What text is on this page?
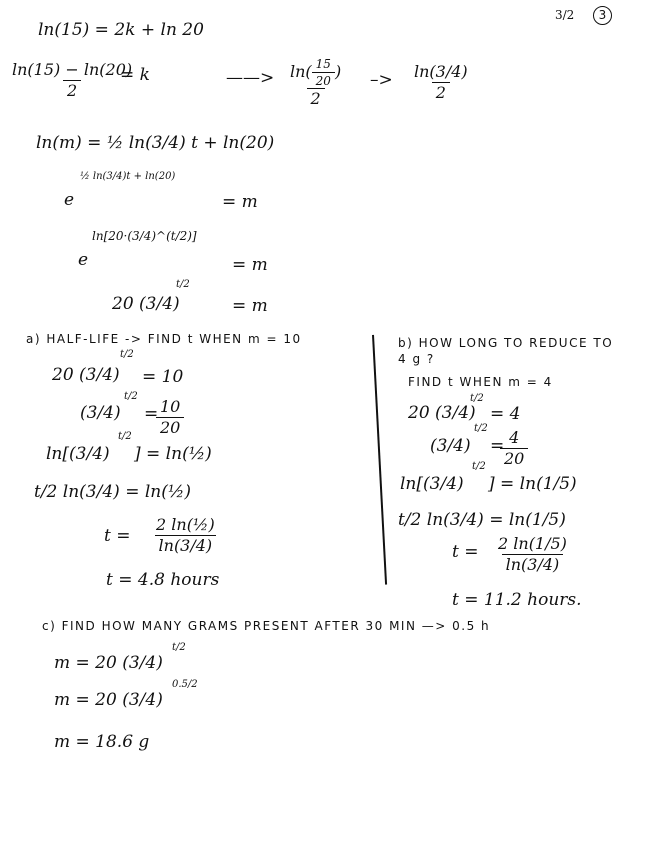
3/2	3
ln(15) = 2k + ln 20
$\frac{\ln(15) - \ln(20)}{2}$
= k	——> $\frac{\ln( \frac{15}{20} )}{2} -> \frac{\ln(3/4)}{2}$
ln(m) = ½ ln(3/4) t + ln(20)
½ ln(3/4)t + ln(20)
e	= m
ln[20·(3/4)^(t/2)]
e	= m
20 (3/4)
t/2
= m
a) HALF-LIFE -> FIND t WHEN m = 10
20 (3/4)
t/2
= 10
(3/4)
t/2
=
$\frac{10}{20}$
ln[(3/4)
t/2
] = ln(½)
t/2 ln(3/4) = ln(½)
$t = \frac{\text{2 ln(½)}}{\ln(3/4)}$
t = 4.8 hours
b) HOW LONG TO REDUCE TO
4 g ?
FIND t WHEN m = 4
20 (3/4)
t/2
= 4
(3/4)
t/2
=
$\frac{4}{20}$
ln[(3/4)
t/2
] = ln(1/5)
t/2 ln(3/4) = ln(1/5)
$t = \frac{2 \ln(1/5)}{\ln(3/4)}$
t = 11.2 hours.
c) FIND HOW MANY GRAMS PRESENT AFTER 30 MIN —> 0.5 h
m = 20 (3/4)
t/2
m = 20 (3/4)
0.5/2
m = 18.6 g
